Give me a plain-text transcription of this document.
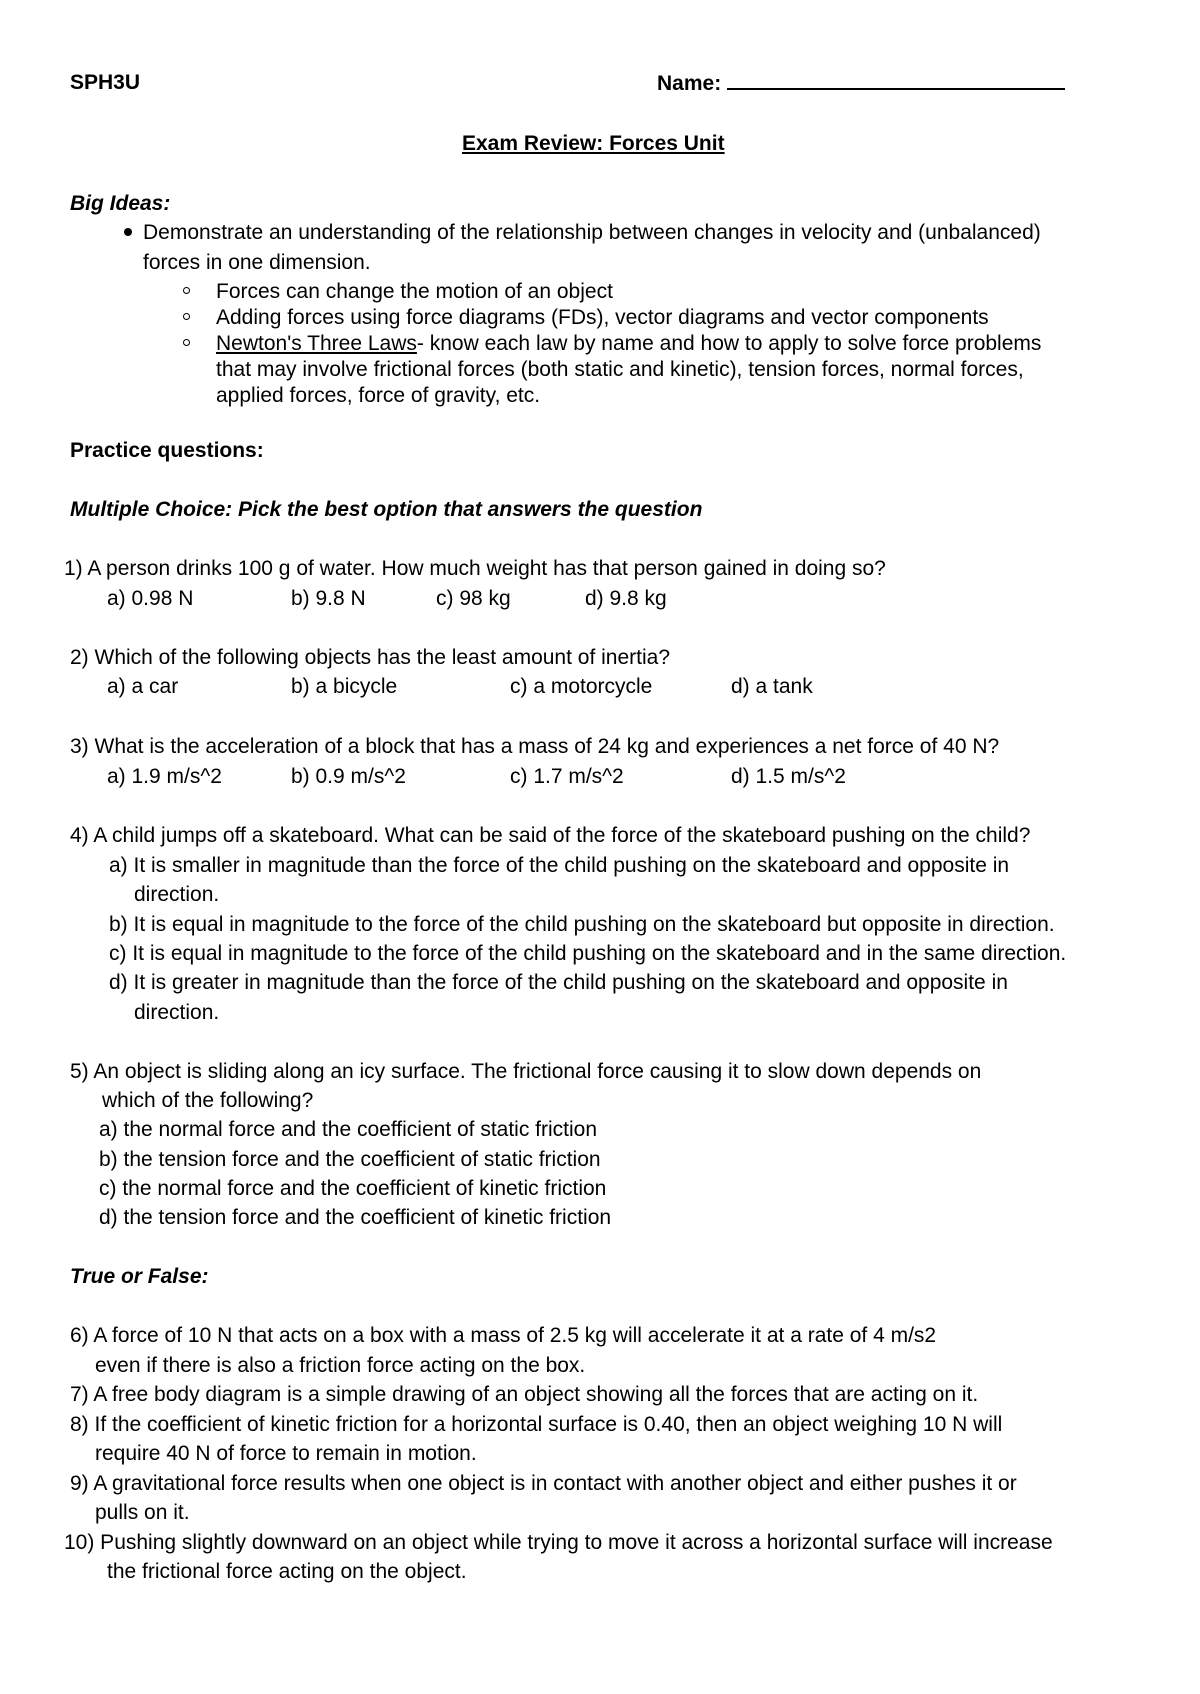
SPH3U	Name:
Exam Review: Forces Unit
Big Ideas:
Demonstrate an understanding of the relationship between changes in velocity and (unbalanced)
forces in one dimension.
Forces can change the motion of an object
Adding forces using force diagrams (FDs), vector diagrams and vector components
Newton's Three Laws- know each law by name and how to apply to solve force problems
that may involve frictional forces (both static and kinetic), tension forces, normal forces,
applied forces, force of gravity, etc.
Practice questions:
Multiple Choice: Pick the best option that answers the question
1) A person drinks 100 g of water. How much weight has that person gained in doing so?
a) 0.98 N	b) 9.8 N	c) 98 kg	d) 9.8 kg
2) Which of the following objects has the least amount of inertia?
a) a car	b) a bicycle	c) a motorcycle	d) a tank
3) What is the acceleration of a block that has a mass of 24 kg and experiences a net force of 40 N?
a) 1.9 m/s^2	b) 0.9 m/s^2	c) 1.7 m/s^2	d) 1.5 m/s^2
4) A child jumps off a skateboard. What can be said of the force of the skateboard pushing on the child?
a) It is smaller in magnitude than the force of the child pushing on the skateboard and opposite in
direction.
b) It is equal in magnitude to the force of the child pushing on the skateboard but opposite in direction.
c) It is equal in magnitude to the force of the child pushing on the skateboard and in the same direction.
d) It is greater in magnitude than the force of the child pushing on the skateboard and opposite in
direction.
5) An object is sliding along an icy surface. The frictional force causing it to slow down depends on
which of the following?
a) the normal force and the coefficient of static friction
b) the tension force and the coefficient of static friction
c) the normal force and the coefficient of kinetic friction
d) the tension force and the coefficient of kinetic friction
True or False:
6) A force of 10 N that acts on a box with a mass of 2.5 kg will accelerate it at a rate of 4 m/s2
even if there is also a friction force acting on the box.
7) A free body diagram is a simple drawing of an object showing all the forces that are acting on it.
8) If the coefficient of kinetic friction for a horizontal surface is 0.40, then an object weighing 10 N will
require 40 N of force to remain in motion.
9) A gravitational force results when one object is in contact with another object and either pushes it or
pulls on it.
10) Pushing slightly downward on an object while trying to move it across a horizontal surface will increase
the frictional force acting on the object.
